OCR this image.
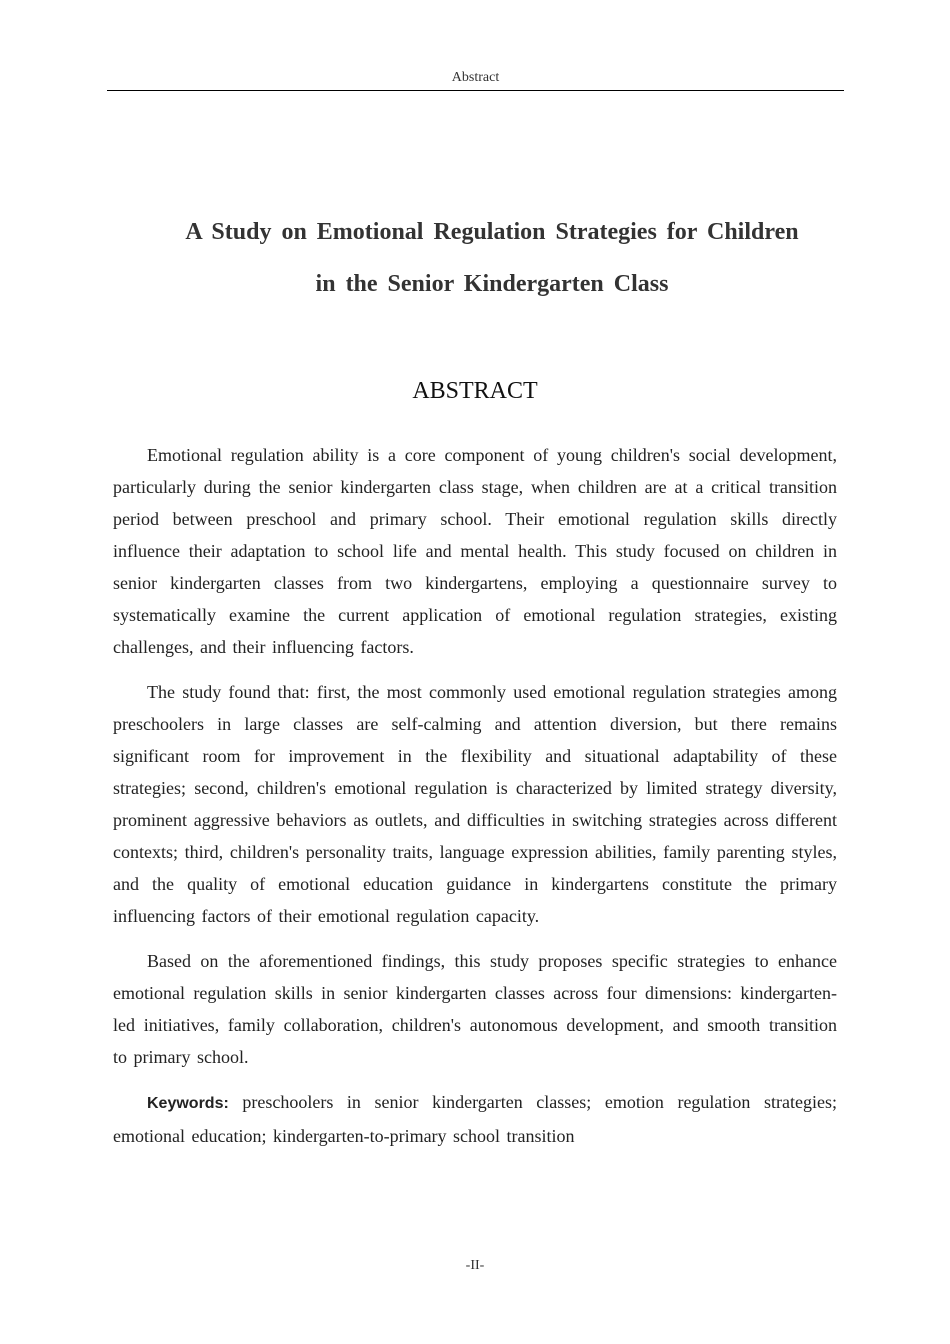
Abstract
A Study on Emotional Regulation Strategies for Children
in the Senior Kindergarten Class
ABSTRACT

Emotional regulation ability is a core component of young children's social development, particularly during the senior kindergarten class stage, when children are at a critical transition period between preschool and primary school. Their emotional regulation skills directly influence their adaptation to school life and mental health. This study focused on children in senior kindergarten classes from two kindergartens, employing a questionnaire survey to systematically examine the current application of emotional regulation strategies, existing challenges, and their influencing factors.

The study found that: first, the most commonly used emotional regulation strategies among preschoolers in large classes are self-calming and attention diversion, but there remains significant room for improvement in the flexibility and situational adaptability of these strategies; second, children's emotional regulation is characterized by limited strategy diversity, prominent aggressive behaviors as outlets, and difficulties in switching strategies across different contexts; third, children's personality traits, language expression abilities, family parenting styles, and the quality of emotional education guidance in kindergartens constitute the primary influencing factors of their emotional regulation capacity.

Based on the aforementioned findings, this study proposes specific strategies to enhance emotional regulation skills in senior kindergarten classes across four dimensions: kindergarten-led initiatives, family collaboration, children's autonomous development, and smooth transition to primary school.

Keywords: preschoolers in senior kindergarten classes; emotion regulation strategies; emotional education; kindergarten-to-primary school transition

-II-
